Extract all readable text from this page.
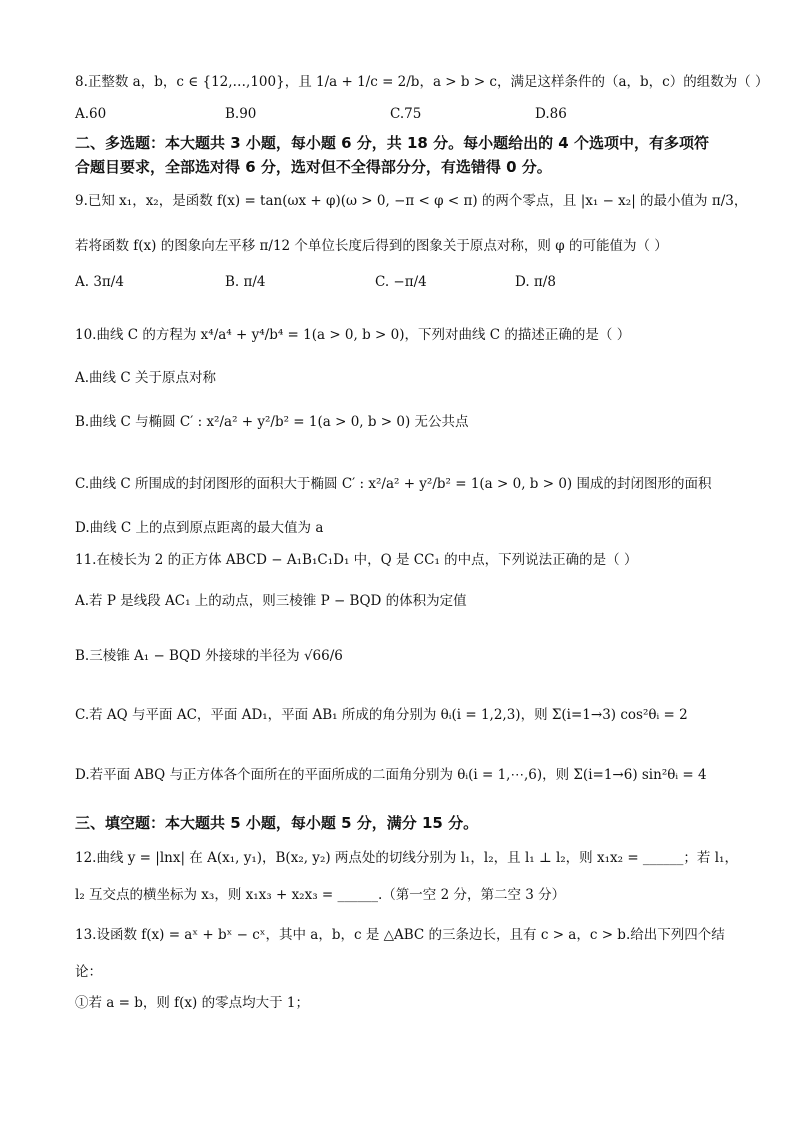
8.正整数 a，b，c ∈ {12,…,100}，且 1/a + 1/c = 2/b，a > b > c，满足这样条件的（a，b，c）的组数为（ ）
A.60	B.90	C.75	D.86
二、多选题：本大题共 3 小题，每小题 6 分，共 18 分。每小题给出的 4 个选项中，有多项符
合题目要求，全部选对得 6 分，选对但不全得部分分，有选错得 0 分。
9.已知 x₁，x₂，是函数 f(x) = tan(ωx + φ)(ω > 0, −π < φ < π) 的两个零点，且 |x₁ − x₂| 的最小值为 π/3，
若将函数 f(x) 的图象向左平移 π/12 个单位长度后得到的图象关于原点对称，则 φ 的可能值为（ ）
A. 3π/4	B. π/4	C. −π/4	D. π/8
10.曲线 C 的方程为 x⁴/a⁴ + y⁴/b⁴ = 1(a > 0, b > 0)，下列对曲线 C 的描述正确的是（ ）
A.曲线 C 关于原点对称
B.曲线 C 与椭圆 C′ : x²/a² + y²/b² = 1(a > 0, b > 0) 无公共点
C.曲线 C 所围成的封闭图形的面积大于椭圆 C′ : x²/a² + y²/b² = 1(a > 0, b > 0) 围成的封闭图形的面积
D.曲线 C 上的点到原点距离的最大值为 a
11.在棱长为 2 的正方体 ABCD − A₁B₁C₁D₁ 中，Q 是 CC₁ 的中点，下列说法正确的是（ ）
A.若 P 是线段 AC₁ 上的动点，则三棱锥 P − BQD 的体积为定值
B.三棱锥 A₁ − BQD 外接球的半径为 √66/6
C.若 AQ 与平面 AC，平面 AD₁，平面 AB₁ 所成的角分别为 θᵢ(i = 1,2,3)，则 Σ(i=1→3) cos²θᵢ = 2
D.若平面 ABQ 与正方体各个面所在的平面所成的二面角分别为 θᵢ(i = 1,⋯,6)，则 Σ(i=1→6) sin²θᵢ = 4
三、填空题：本大题共 5 小题，每小题 5 分，满分 15 分。
12.曲线 y = |lnx| 在 A(x₁, y₁)，B(x₂, y₂) 两点处的切线分别为 l₁，l₂，且 l₁ ⊥ l₂，则 x₁x₂ = ______；若 l₁，
l₂ 互交点的横坐标为 x₃，则 x₁x₃ + x₂x₃ = ______.（第一空 2 分，第二空 3 分）
13.设函数 f(x) = aˣ + bˣ − cˣ，其中 a，b，c 是 △ABC 的三条边长，且有 c > a，c > b.给出下列四个结
论：
①若 a = b，则 f(x) 的零点均大于 1；
